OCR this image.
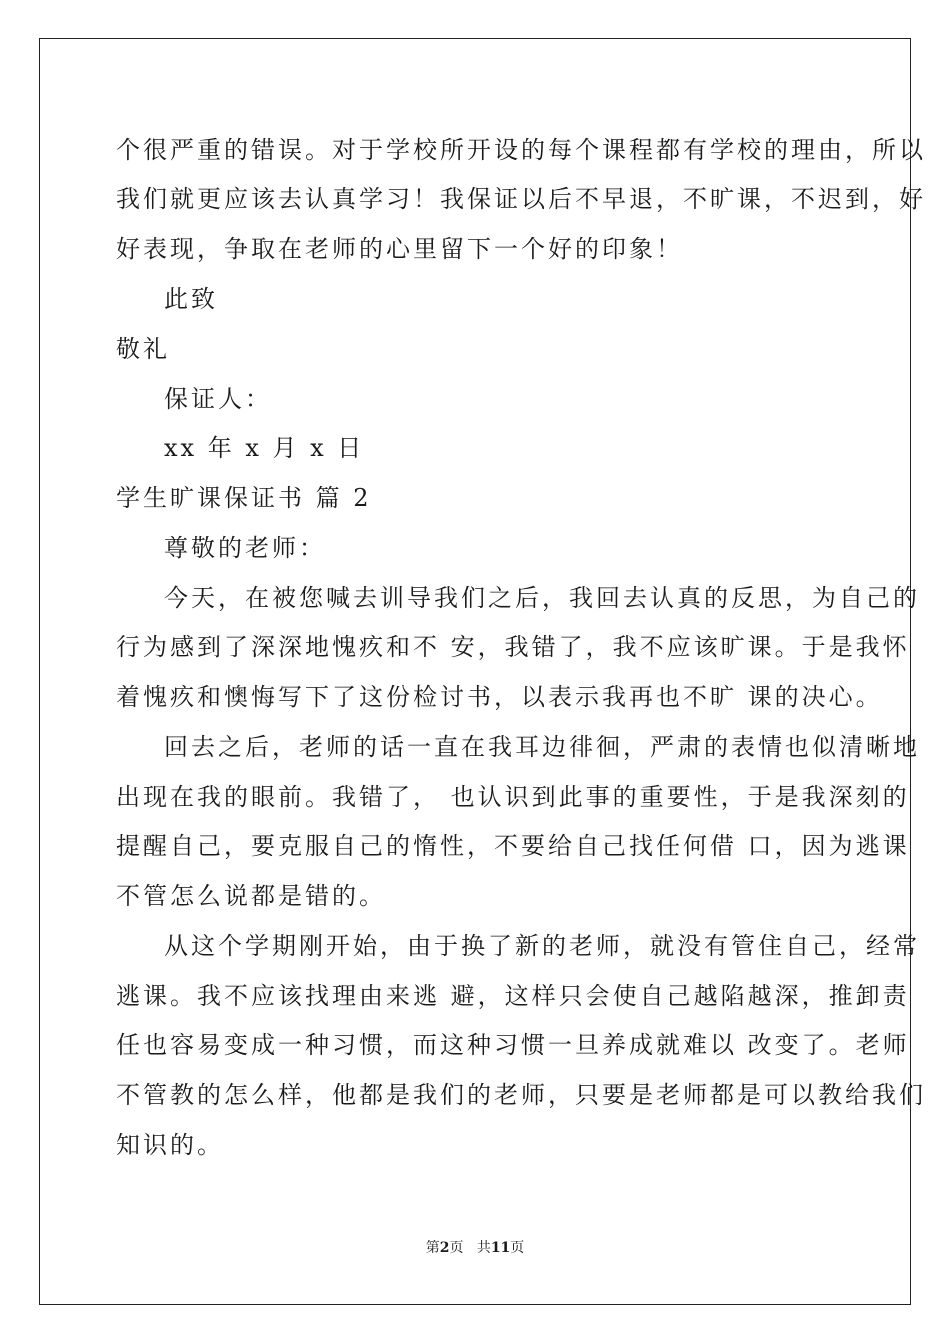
个很严重的错误。对于学校所开设的每个课程都有学校的理由，所以
我们就更应该去认真学习！我保证以后不早退，不旷课，不迟到，好
好表现，争取在老师的心里留下一个好的印象！
此致
敬礼
保证人：
xx 年 x 月 x 日
学生旷课保证书 篇 2
尊敬的老师：
今天，在被您喊去训导我们之后，我回去认真的反思，为自己的
行为感到了深深地愧疚和不 安，我错了，我不应该旷课。于是我怀
着愧疚和懊悔写下了这份检讨书，以表示我再也不旷 课的决心。
回去之后，老师的话一直在我耳边徘徊，严肃的表情也似清晰地
出现在我的眼前。我错了， 也认识到此事的重要性，于是我深刻的
提醒自己，要克服自己的惰性，不要给自己找任何借 口，因为逃课
不管怎么说都是错的。
从这个学期刚开始，由于换了新的老师，就没有管住自己，经常
逃课。我不应该找理由来逃 避，这样只会使自己越陷越深，推卸责
任也容易变成一种习惯，而这种习惯一旦养成就难以 改变了。老师
不管教的怎么样，他都是我们的老师，只要是老师都是可以教给我们
知识的。
第2页 共11页
